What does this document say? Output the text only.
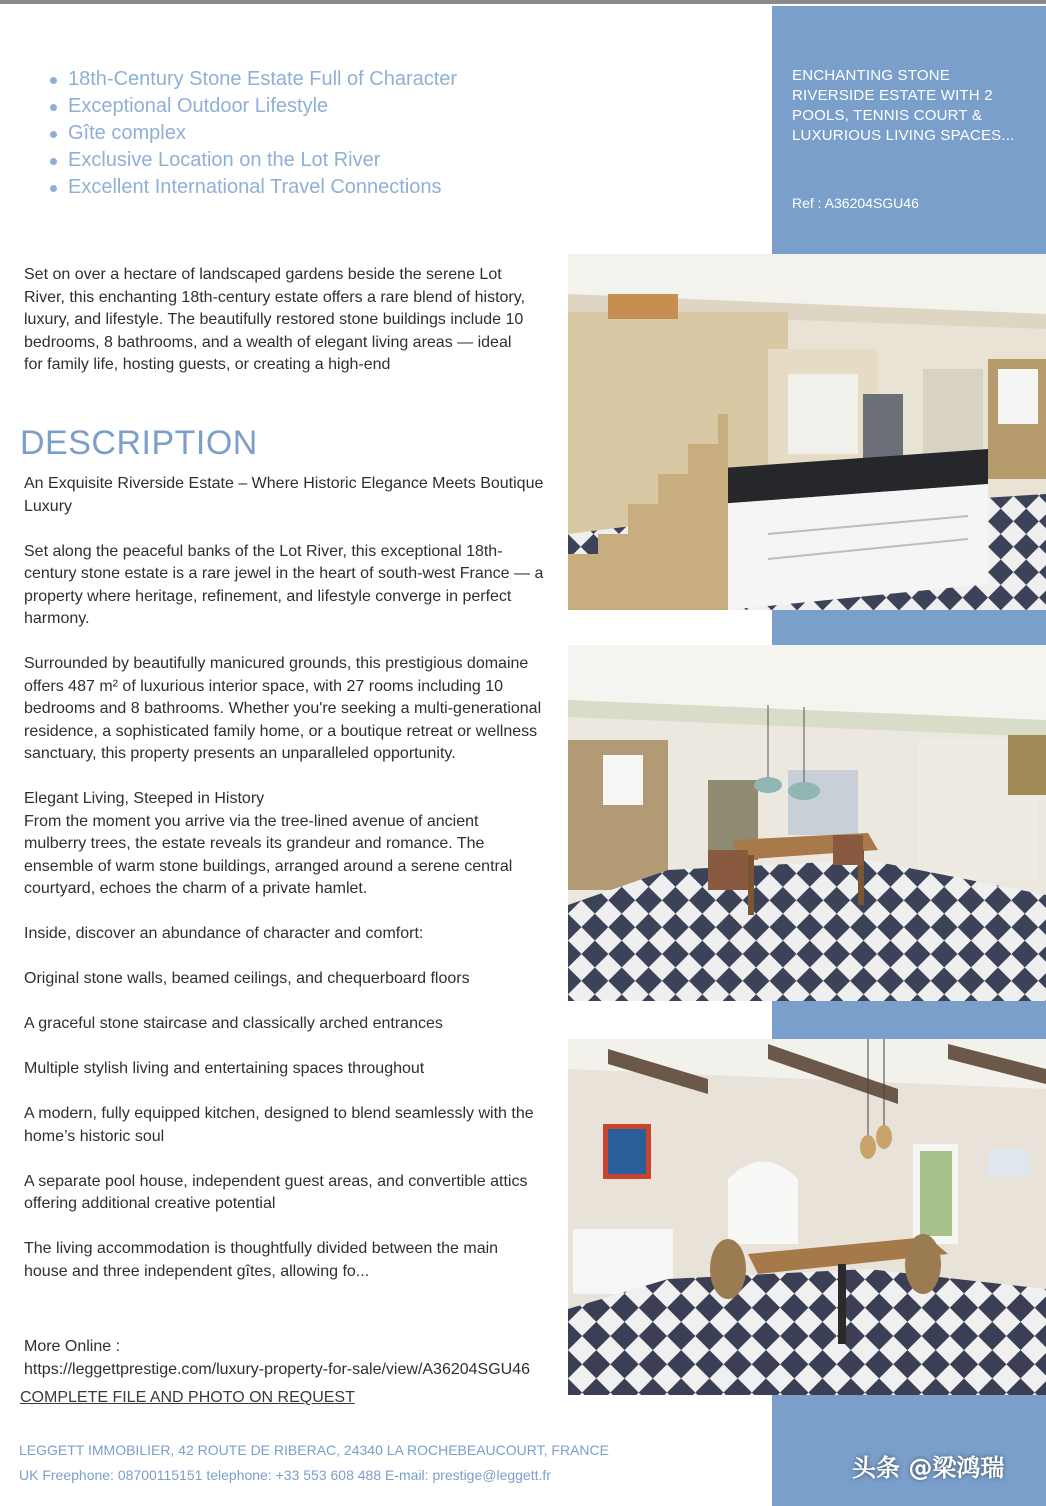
ENCHANTING STONE RIVERSIDE ESTATE WITH 2 POOLS, TENNIS COURT & LUXURIOUS LIVING SPACES...
Ref : A36204SGU46
18th-Century Stone Estate Full of Character
Exceptional Outdoor Lifestyle
Gîte complex
Exclusive Location on the Lot River
Excellent International Travel Connections
Set on over a hectare of landscaped gardens beside the serene Lot River, this enchanting 18th-century estate offers a rare blend of history, luxury, and lifestyle. The beautifully restored stone buildings include 10 bedrooms, 8 bathrooms, and a wealth of elegant living areas — ideal for family life, hosting guests, or creating a high-end
DESCRIPTION

An Exquisite Riverside Estate – Where Historic Elegance Meets Boutique Luxury

Set along the peaceful banks of the Lot River, this exceptional 18th-century stone estate is a rare jewel in the heart of south-west France — a property where heritage, refinement, and lifestyle converge in perfect harmony.

Surrounded by beautifully manicured grounds, this prestigious domaine offers 487 m² of luxurious interior space, with 27 rooms including 10 bedrooms and 8 bathrooms. Whether you're seeking a multi-generational residence, a sophisticated family home, or a boutique retreat or wellness sanctuary, this property presents an unparalleled opportunity.

Elegant Living, Steeped in History

From the moment you arrive via the tree-lined avenue of ancient mulberry trees, the estate reveals its grandeur and romance. The ensemble of warm stone buildings, arranged around a serene central courtyard, echoes the charm of a private hamlet.

Inside, discover an abundance of character and comfort:

Original stone walls, beamed ceilings, and chequerboard floors

A graceful stone staircase and classically arched entrances

Multiple stylish living and entertaining spaces throughout

A modern, fully equipped kitchen, designed to blend seamlessly with the home’s historic soul

A separate pool house, independent guest areas, and convertible attics offering additional creative potential

The living accommodation is thoughtfully divided between the main house and three independent gîtes, allowing fo...

More Online :
https://leggettprestige.com/luxury-property-for-sale/view/A36204SGU46
COMPLETE FILE AND PHOTO ON REQUEST
LEGGETT IMMOBILIER, 42 ROUTE DE RIBERAC, 24340 LA ROCHEBEAUCOURT, FRANCE
UK Freephone: 08700115151 telephone: +33 553 608 488 E-mail: prestige@leggett.fr	头条 @梁鸿瑞
